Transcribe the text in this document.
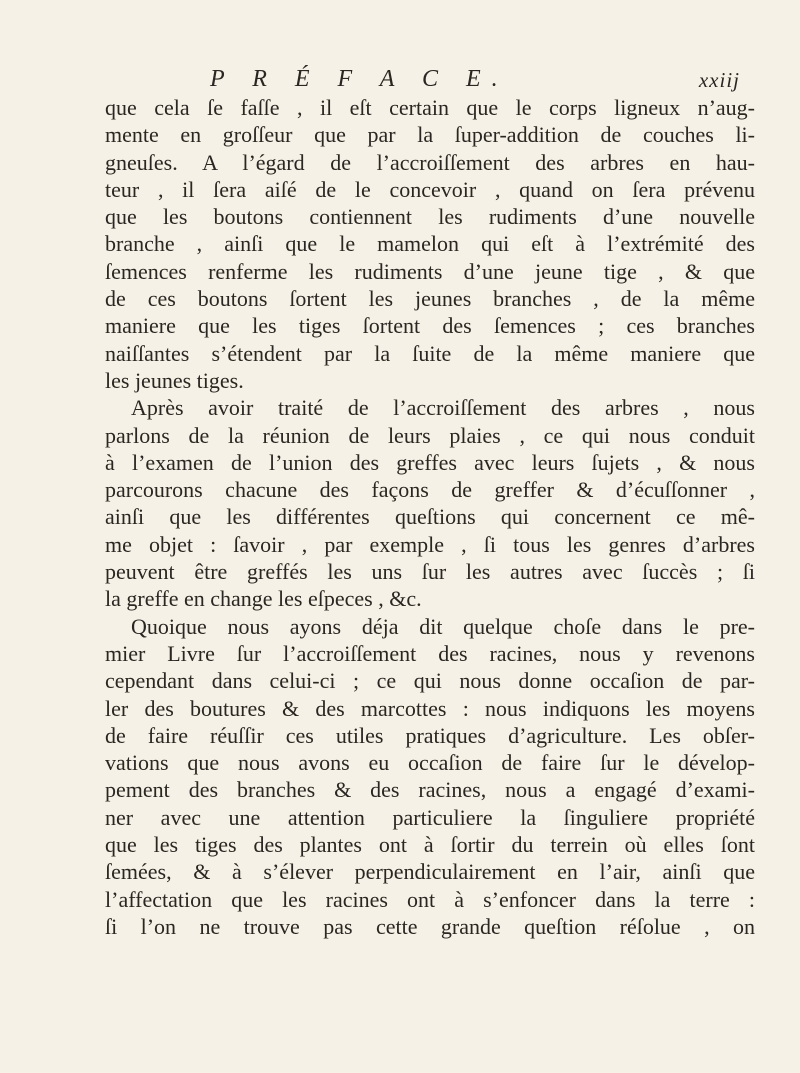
P R É F A C E.	xxiij
que cela ſe faſſe , il eſt certain que le corps ligneux n’aug-
mente en groſſeur que par la ſuper-addition de couches li-
gneuſes. A l’égard de l’accroiſſement des arbres en hau-
teur , il ſera aiſé de le concevoir , quand on ſera prévenu
que les boutons contiennent les rudiments d’une nouvelle
branche , ainſi que le mamelon qui eſt à l’extrémité des
ſemences renferme les rudiments d’une jeune tige , & que
de ces boutons ſortent les jeunes branches , de la même
maniere que les tiges ſortent des ſemences ; ces branches
naiſſantes s’étendent par la ſuite de la même maniere que
les jeunes tiges.
Après avoir traité de l’accroiſſement des arbres , nous
parlons de la réunion de leurs plaies , ce qui nous conduit
à l’examen de l’union des greffes avec leurs ſujets , & nous
parcourons chacune des façons de greffer & d’écuſſonner ,
ainſi que les différentes queſtions qui concernent ce mê-
me objet : ſavoir , par exemple , ſi tous les genres d’arbres
peuvent être greffés les uns ſur les autres avec ſuccès ; ſi
la greffe en change les eſpeces , &c.
Quoique nous ayons déja dit quelque choſe dans le pre-
mier Livre ſur l’accroiſſement des racines, nous y revenons
cependant dans celui-ci ; ce qui nous donne occaſion de par-
ler des boutures & des marcottes : nous indiquons les moyens
de faire réuſſir ces utiles pratiques d’agriculture. Les obſer-
vations que nous avons eu occaſion de faire ſur le dévelop-
pement des branches & des racines, nous a engagé d’exami-
ner avec une attention particuliere la ſinguliere propriété
que les tiges des plantes ont à ſortir du terrein où elles ſont
ſemées, & à s’élever perpendiculairement en l’air, ainſi que
l’affectation que les racines ont à s’enfoncer dans la terre :
ſi l’on ne trouve pas cette grande queſtion réſolue , on
